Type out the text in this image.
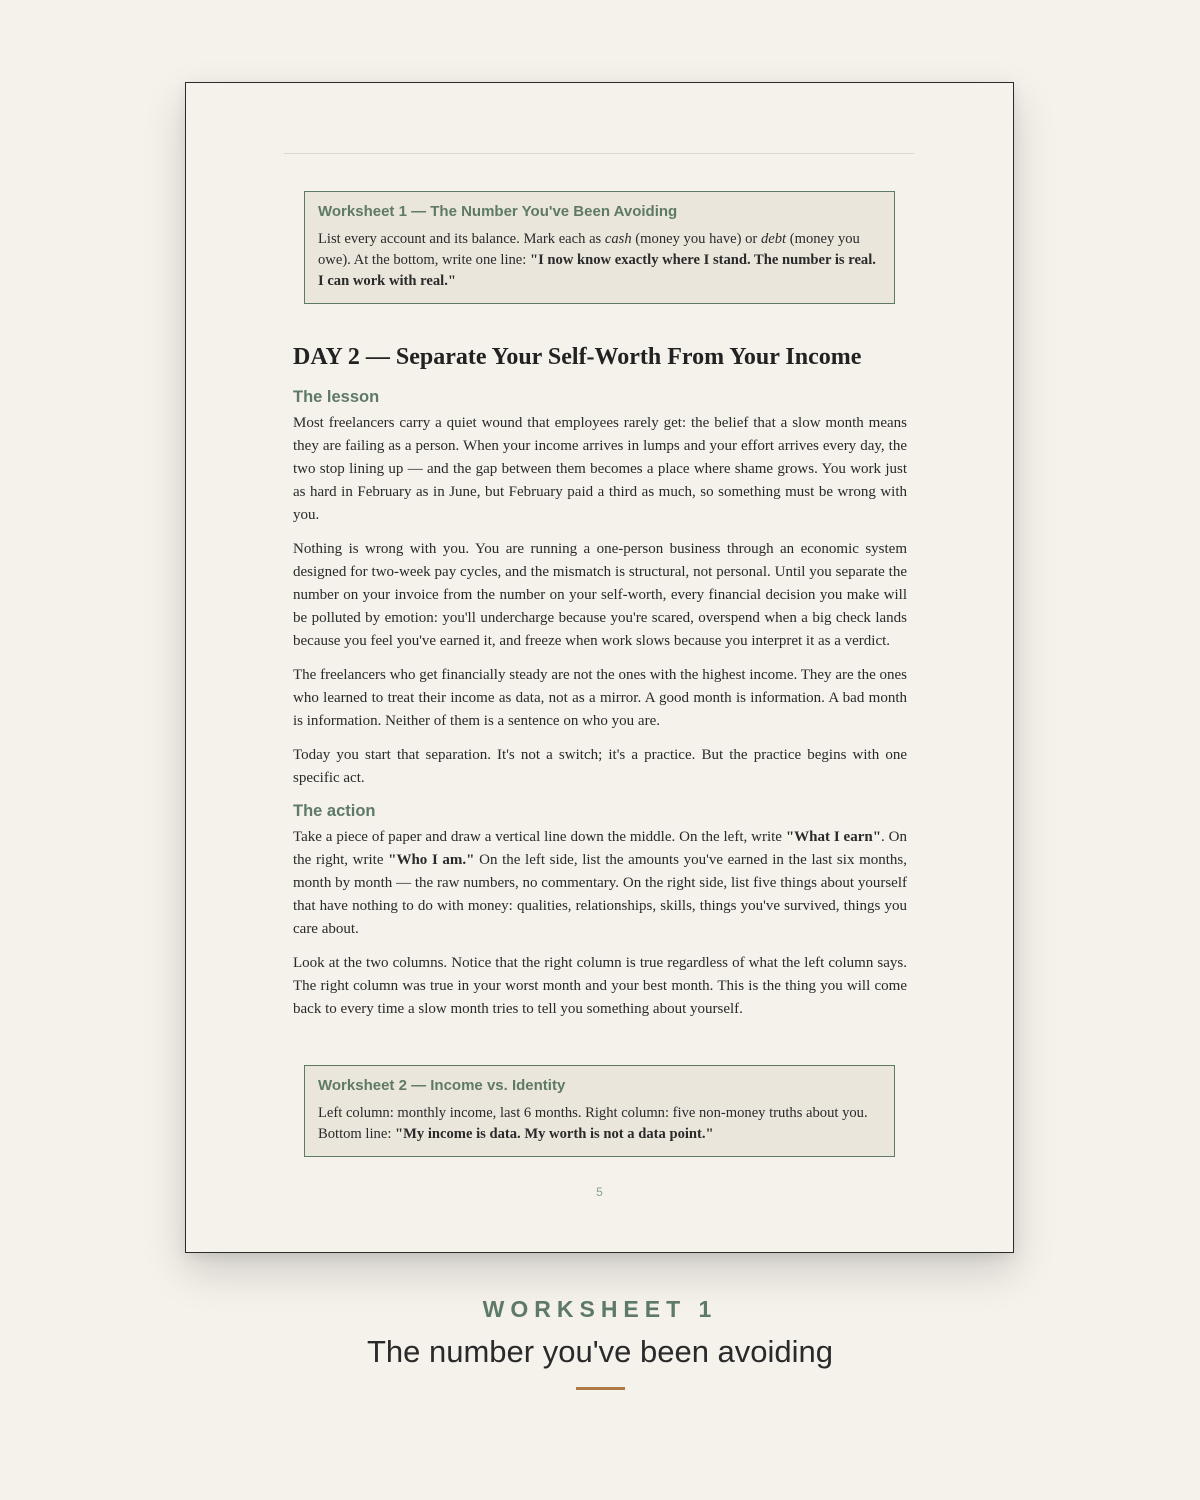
Worksheet 1 — The Number You've Been Avoiding

List every account and its balance. Mark each as cash (money you have) or debt (money you owe). At the bottom, write one line: "I now know exactly where I stand. The number is real. I can work with real."

DAY 2 — Separate Your Self-Worth From Your Income
The lesson

Most freelancers carry a quiet wound that employees rarely get: the belief that a slow month means they are failing as a person. When your income arrives in lumps and your effort arrives every day, the two stop lining up — and the gap between them becomes a place where shame grows. You work just as hard in February as in June, but February paid a third as much, so something must be wrong with you.

Nothing is wrong with you. You are running a one-person business through an economic system designed for two-week pay cycles, and the mismatch is structural, not personal. Until you separate the number on your invoice from the number on your self-worth, every financial decision you make will be polluted by emotion: you'll undercharge because you're scared, overspend when a big check lands because you feel you've earned it, and freeze when work slows because you interpret it as a verdict.

The freelancers who get financially steady are not the ones with the highest income. They are the ones who learned to treat their income as data, not as a mirror. A good month is information. A bad month is information. Neither of them is a sentence on who you are.

Today you start that separation. It's not a switch; it's a practice. But the practice begins with one specific act.

The action

Take a piece of paper and draw a vertical line down the middle. On the left, write "What I earn". On the right, write "Who I am." On the left side, list the amounts you've earned in the last six months, month by month — the raw numbers, no commentary. On the right side, list five things about yourself that have nothing to do with money: qualities, relationships, skills, things you've survived, things you care about.

Look at the two columns. Notice that the right column is true regardless of what the left column says. The right column was true in your worst month and your best month. This is the thing you will come back to every time a slow month tries to tell you something about yourself.

Worksheet 2 — Income vs. Identity

Left column: monthly income, last 6 months. Right column: five non-money truths about you. Bottom line: "My income is data. My worth is not a data point."

5
WORKSHEET 1
The number you've been avoiding
